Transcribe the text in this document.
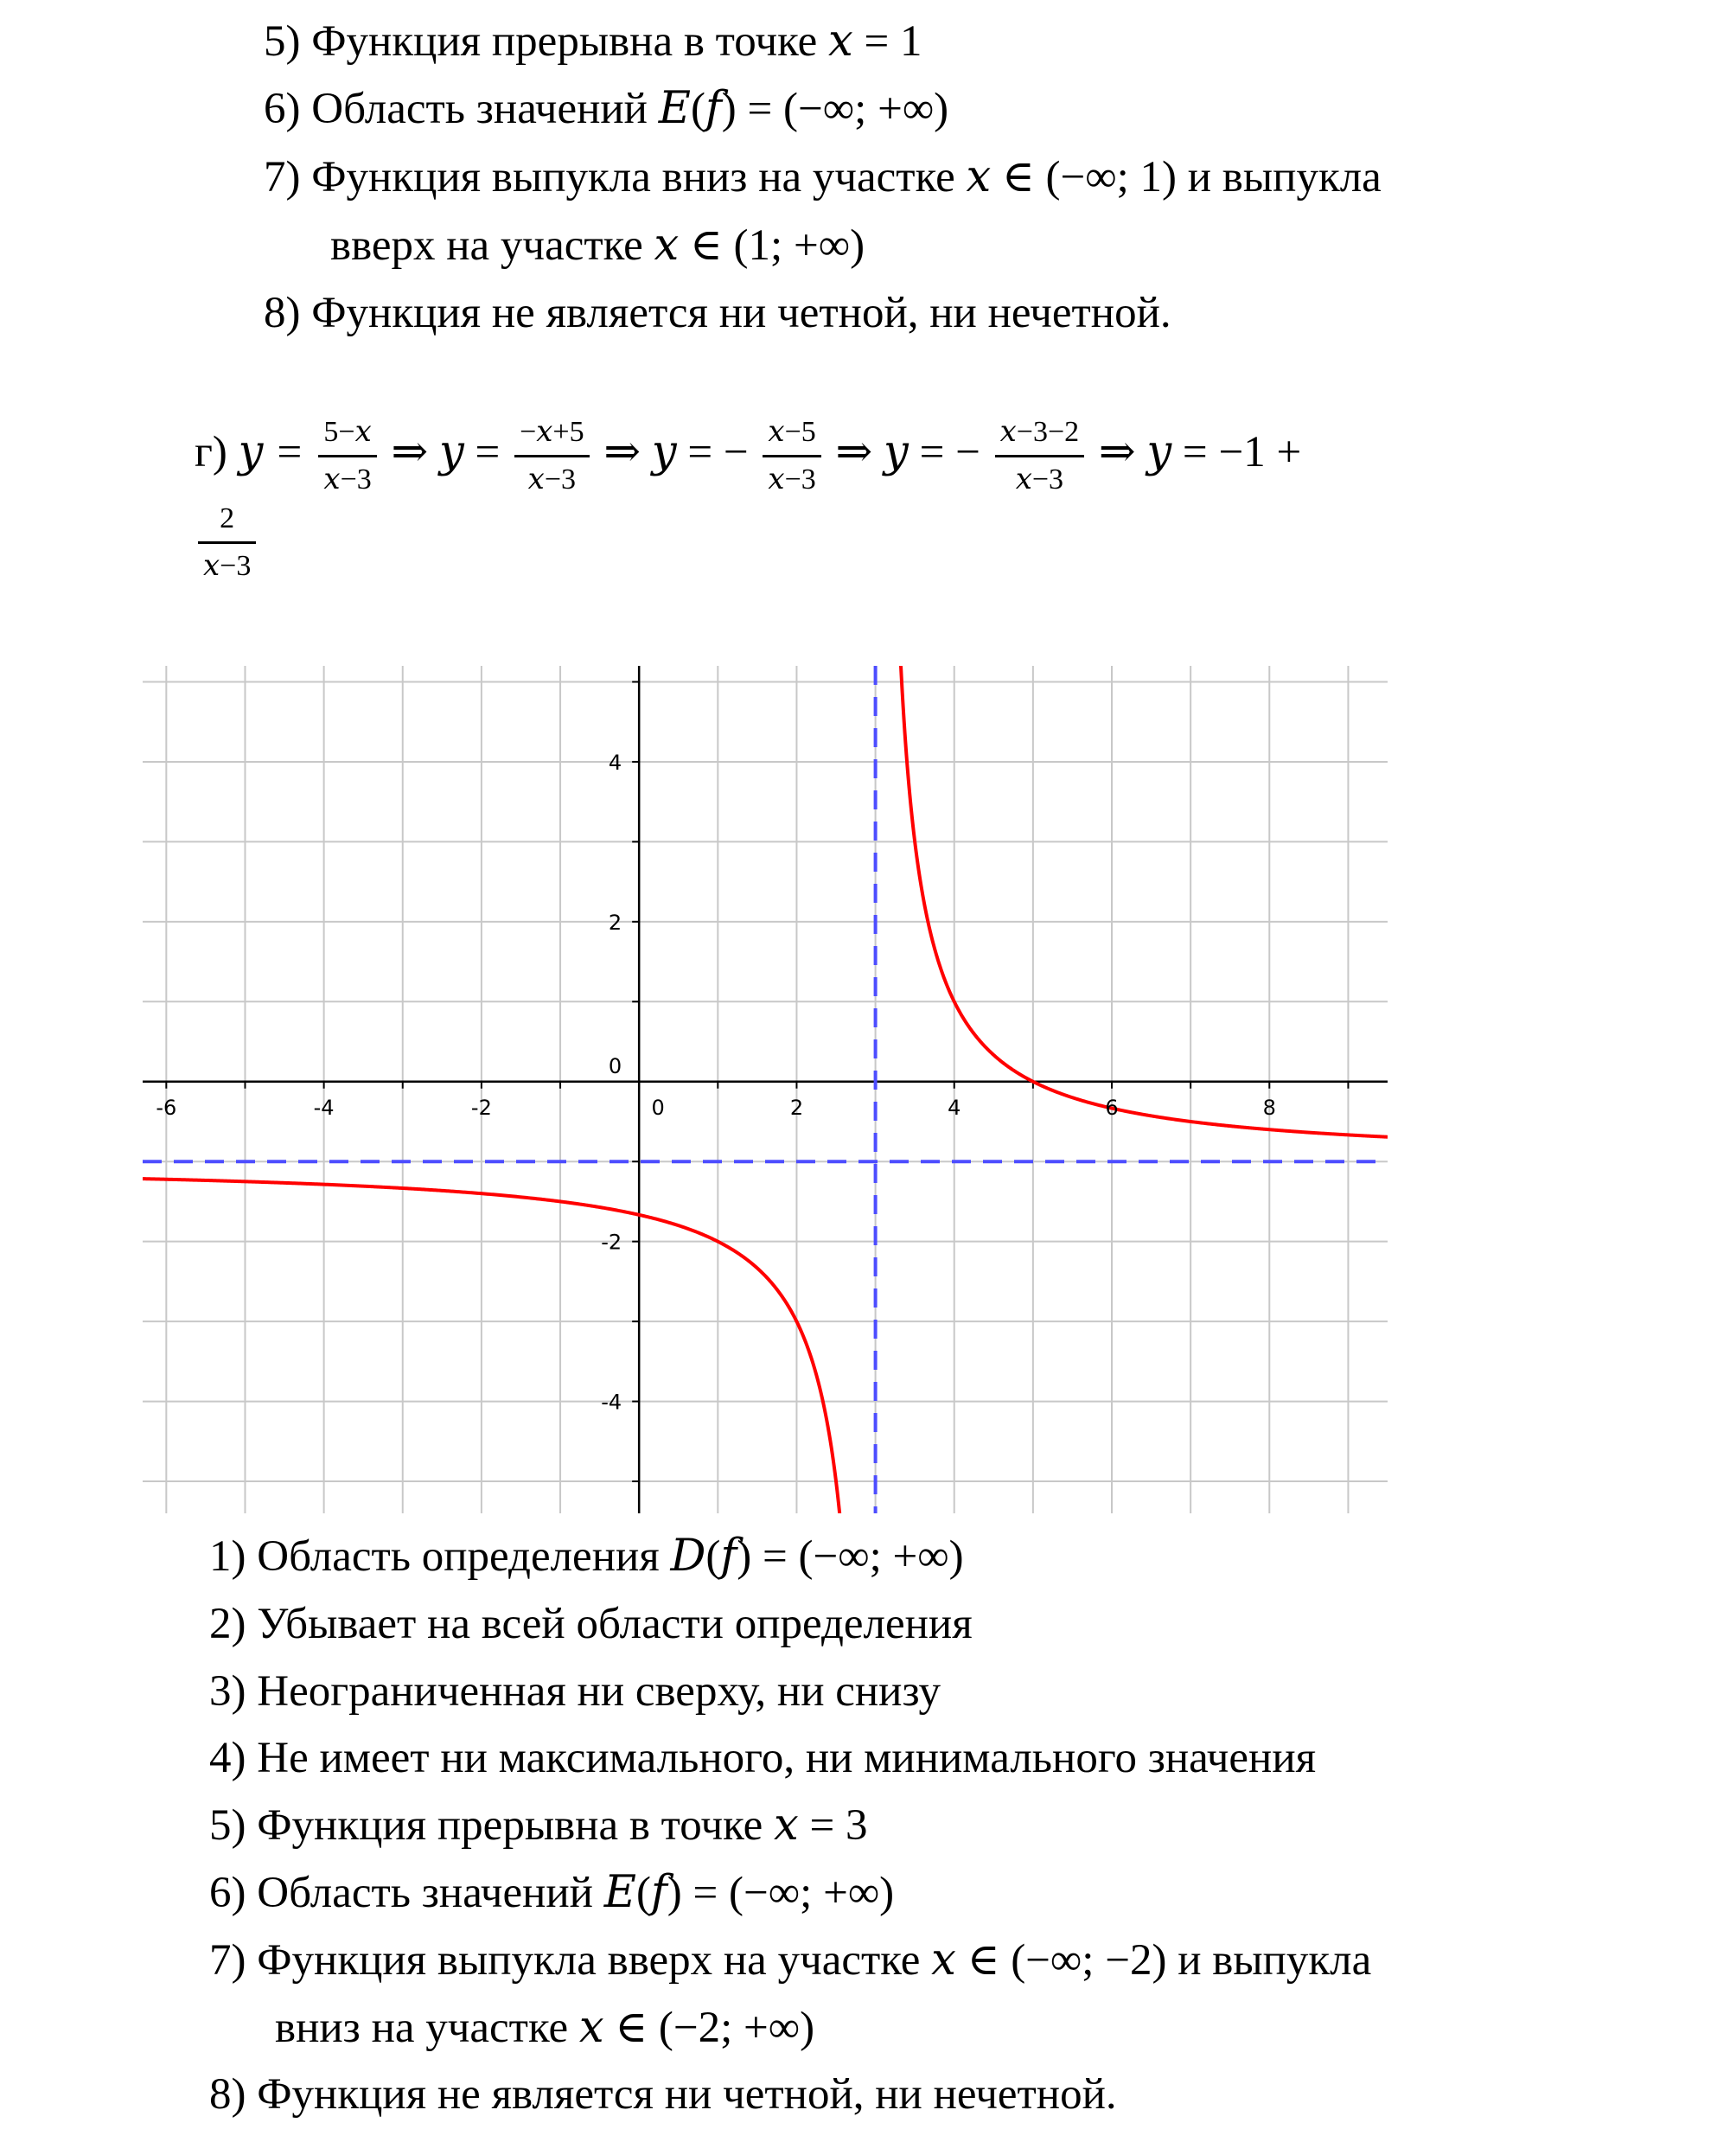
5) Функция прерывна в точке 𝑥 = 1
6) Область значений 𝐸(𝑓) = (−∞; +∞)
7) Функция выпукла вниз на участке 𝑥 ∈ (−∞; 1) и выпукла
вверх на участке 𝑥 ∈ (1; +∞)
8) Функция не является ни четной, ни нечетной.
г) 𝑦 = $\frac{\text{5−𝑥}}{\text{𝑥−3}}$ ⇒ 𝑦 = $\frac{\text{−𝑥+5}}{\text{𝑥−3}}$ ⇒ 𝑦 = − $\frac{\text{𝑥−5}}{\text{𝑥−3}}$ ⇒ 𝑦 = − $\frac{\text{𝑥−3−2}}{\text{𝑥−3}}$ ⇒ 𝑦 = −1 +
$\frac{2}{\text{𝑥−3}}$
-6	-4	-2	0	2	4	6	8
4
2
0
-2
-4
1) Область определения 𝐷(𝑓) = (−∞; +∞)
2) Убывает на всей области определения
3) Неограниченная ни сверху, ни снизу
4) Не имеет ни максимального, ни минимального значения
5) Функция прерывна в точке 𝑥 = 3
6) Область значений 𝐸(𝑓) = (−∞; +∞)
7) Функция выпукла вверх на участке 𝑥 ∈ (−∞; −2) и выпукла
вниз на участке 𝑥 ∈ (−2; +∞)
8) Функция не является ни четной, ни нечетной.
